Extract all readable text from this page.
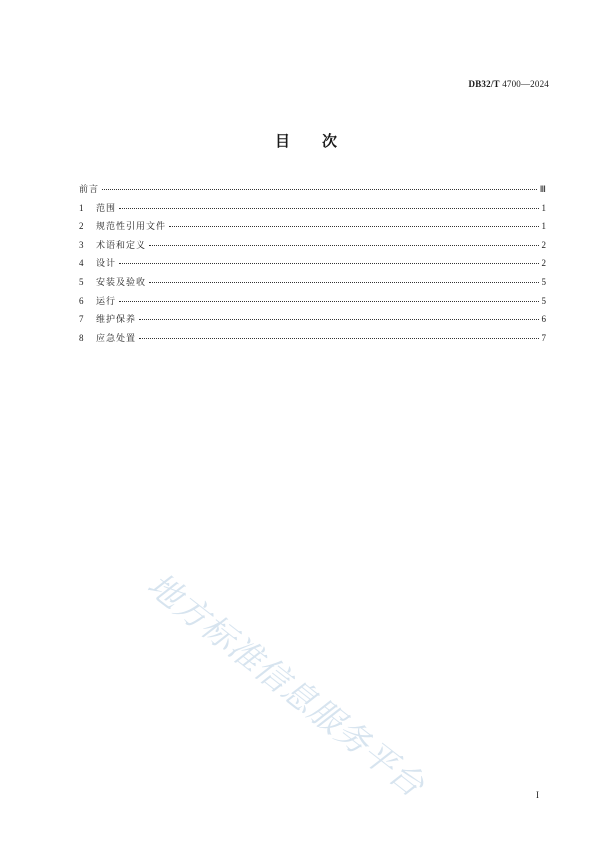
DB32/T 4700—2024
目 次
前言	Ⅲ
1	范围	1
2	规范性引用文件	1
3	术语和定义	2
4	设计	2
5	安装及验收	5
6	运行	5
7	维护保养	6
8	应急处置	7
地方标准信息服务平台	I
